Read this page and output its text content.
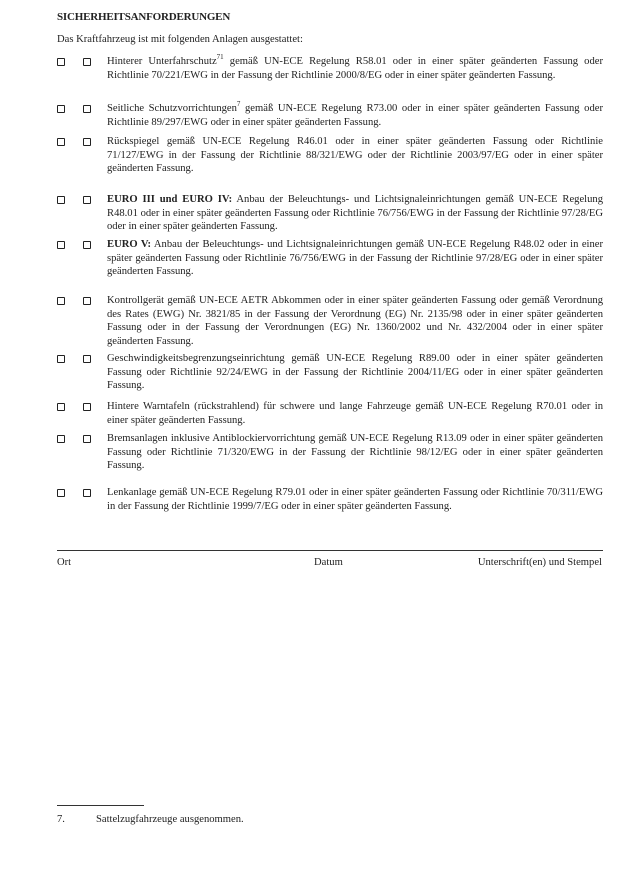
SICHERHEITSANFORDERUNGEN
Das Kraftfahrzeug ist mit folgenden Anlagen ausgestattet:
Hinterer Unterfahrschutz$^{71}$ gemäß UN-ECE Regelung R58.01 oder in einer später geänderten Fassung oder Richtlinie 70/221/EWG in der Fassung der Richtlinie 2000/8/EG oder in einer später geänderten Fassung.
Seitliche Schutzvorrichtungen$^7$ gemäß UN-ECE Regelung R73.00 oder in einer später geänderten Fassung oder Richtlinie 89/297/EWG oder in einer später geänderten Fassung.
Rückspiegel gemäß UN-ECE Regelung R46.01 oder in einer später geänderten Fassung oder Richtlinie 71/127/EWG in der Fassung der Richtlinie 88/321/EWG oder der Richtlinie 2003/97/EG oder in einer später geänderten Fassung.
EURO III und EURO IV: Anbau der Beleuchtungs- und Lichtsignaleinrichtungen gemäß UN-ECE Regelung R48.01 oder in einer später geänderten Fassung oder Richtlinie 76/756/EWG in der Fassung der Richtlinie 97/28/EG oder in einer später geänderten Fassung.
EURO V: Anbau der Beleuchtungs- und Lichtsignaleinrichtungen gemäß UN-ECE Regelung R48.02 oder in einer später geänderten Fassung oder Richtlinie 76/756/EWG in der Fassung der Richtlinie 97/28/EG oder in einer später geänderten Fassung.
Kontrollgerät gemäß UN-ECE AETR Abkommen oder in einer später geänderten Fassung oder gemäß Verordnung des Rates (EWG) Nr. 3821/85 in der Fassung der Verordnung (EG) Nr. 2135/98 oder in einer später geänderten Fassung oder in der Fassung der Verordnungen (EG) Nr. 1360/2002 und Nr. 432/2004 oder in einer später geänderten Fassung.
Geschwindigkeitsbegrenzungseinrichtung gemäß UN-ECE Regelung R89.00 oder in einer später geänderten Fassung oder Richtlinie 92/24/EWG in der Fassung der Richtlinie 2004/11/EG oder in einer später geänderten Fassung.
Hintere Warntafeln (rückstrahlend) für schwere und lange Fahrzeuge gemäß UN-ECE Regelung R70.01 oder in einer später geänderten Fassung.
Bremsanlagen inklusive Antiblockiervorrichtung gemäß UN-ECE Regelung R13.09 oder in einer später geänderten Fassung oder Richtlinie 71/320/EWG in der Fassung der Richtlinie 98/12/EG oder in einer später geänderten Fassung.
Lenkanlage gemäß UN-ECE Regelung R79.01 oder in einer später geänderten Fassung oder Richtlinie 70/311/EWG in der Fassung der Richtlinie 1999/7/EG oder in einer später geänderten Fassung.
Ort	Datum	Unterschrift(en) und Stempel
7.	Sattelzugfahrzeuge ausgenommen.
